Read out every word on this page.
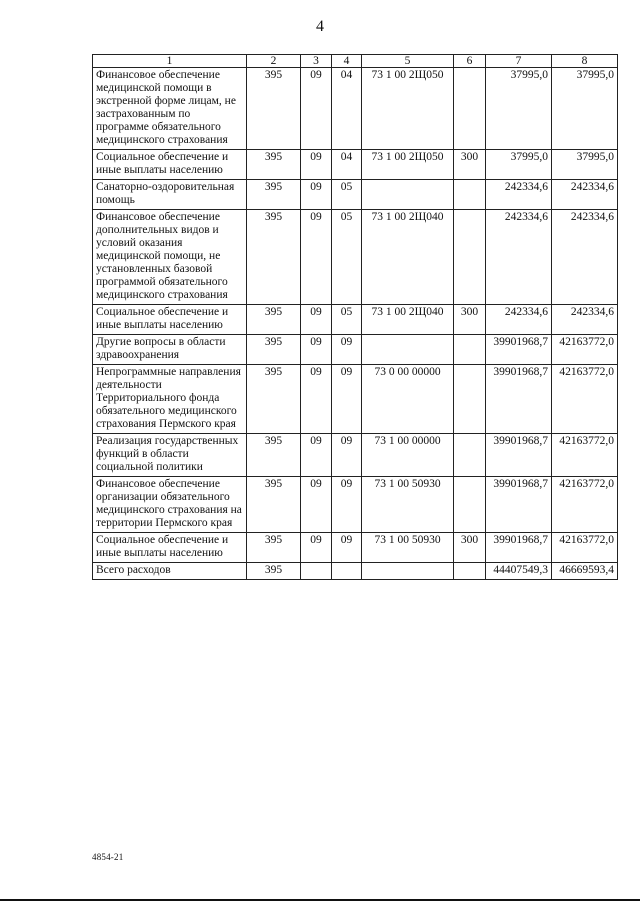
4
1	2	3	4	5	6	7	8
Финансовое обеспечение медицинской помощи в экстренной форме лицам, не застрахованным по программе обязательного медицинского страхования	395	09	04	73 1 00 2Щ050		37995,0	37995,0
Социальное обеспечение и иные выплаты населению	395	09	04	73 1 00 2Щ050	300	37995,0	37995,0
Санаторно-оздоровительная помощь	395	09	05			242334,6	242334,6
Финансовое обеспечение дополнительных видов и условий оказания медицинской помощи, не установленных базовой программой обязательного медицинского страхования	395	09	05	73 1 00 2Щ040		242334,6	242334,6
Социальное обеспечение и иные выплаты населению	395	09	05	73 1 00 2Щ040	300	242334,6	242334,6
Другие вопросы в области здравоохранения	395	09	09			39901968,7	42163772,0
Непрограммные направления деятельности Территориального фонда обязательного медицинского страхования Пермского края	395	09	09	73 0 00 00000		39901968,7	42163772,0
Реализация государственных функций в области социальной политики	395	09	09	73 1 00 00000		39901968,7	42163772,0
Финансовое обеспечение организации обязательного медицинского страхования на территории Пермского края	395	09	09	73 1 00 50930		39901968,7	42163772,0
Социальное обеспечение и иные выплаты населению	395	09	09	73 1 00 50930	300	39901968,7	42163772,0
Всего расходов	395					44407549,3	46669593,4
4854-21
